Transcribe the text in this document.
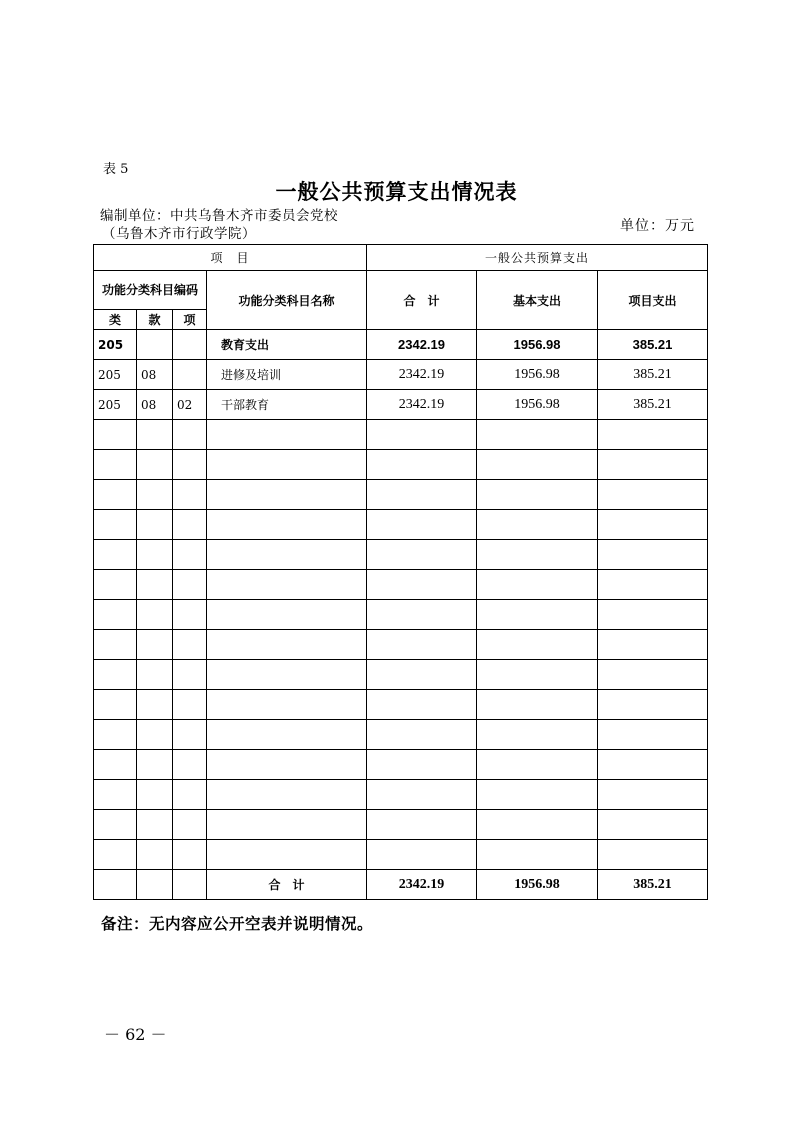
表 5
一般公共预算支出情况表
编制单位：中共乌鲁木齐市委员会党校
（乌鲁木齐市行政学院）	单位：万元
项　目				一般公共预算支出		
功能分类科目编码			功能分类科目名称	合　计	基本支出	项目支出
类	款	项				
205			教育支出	2342.19	1956.98	385.21
205	08		进修及培训	2342.19	1956.98	385.21
205	08	02	干部教育	2342.19	1956.98	385.21

			合　计	2342.19	1956.98	385.21
备注：无内容应公开空表并说明情况。
－ 62 －
